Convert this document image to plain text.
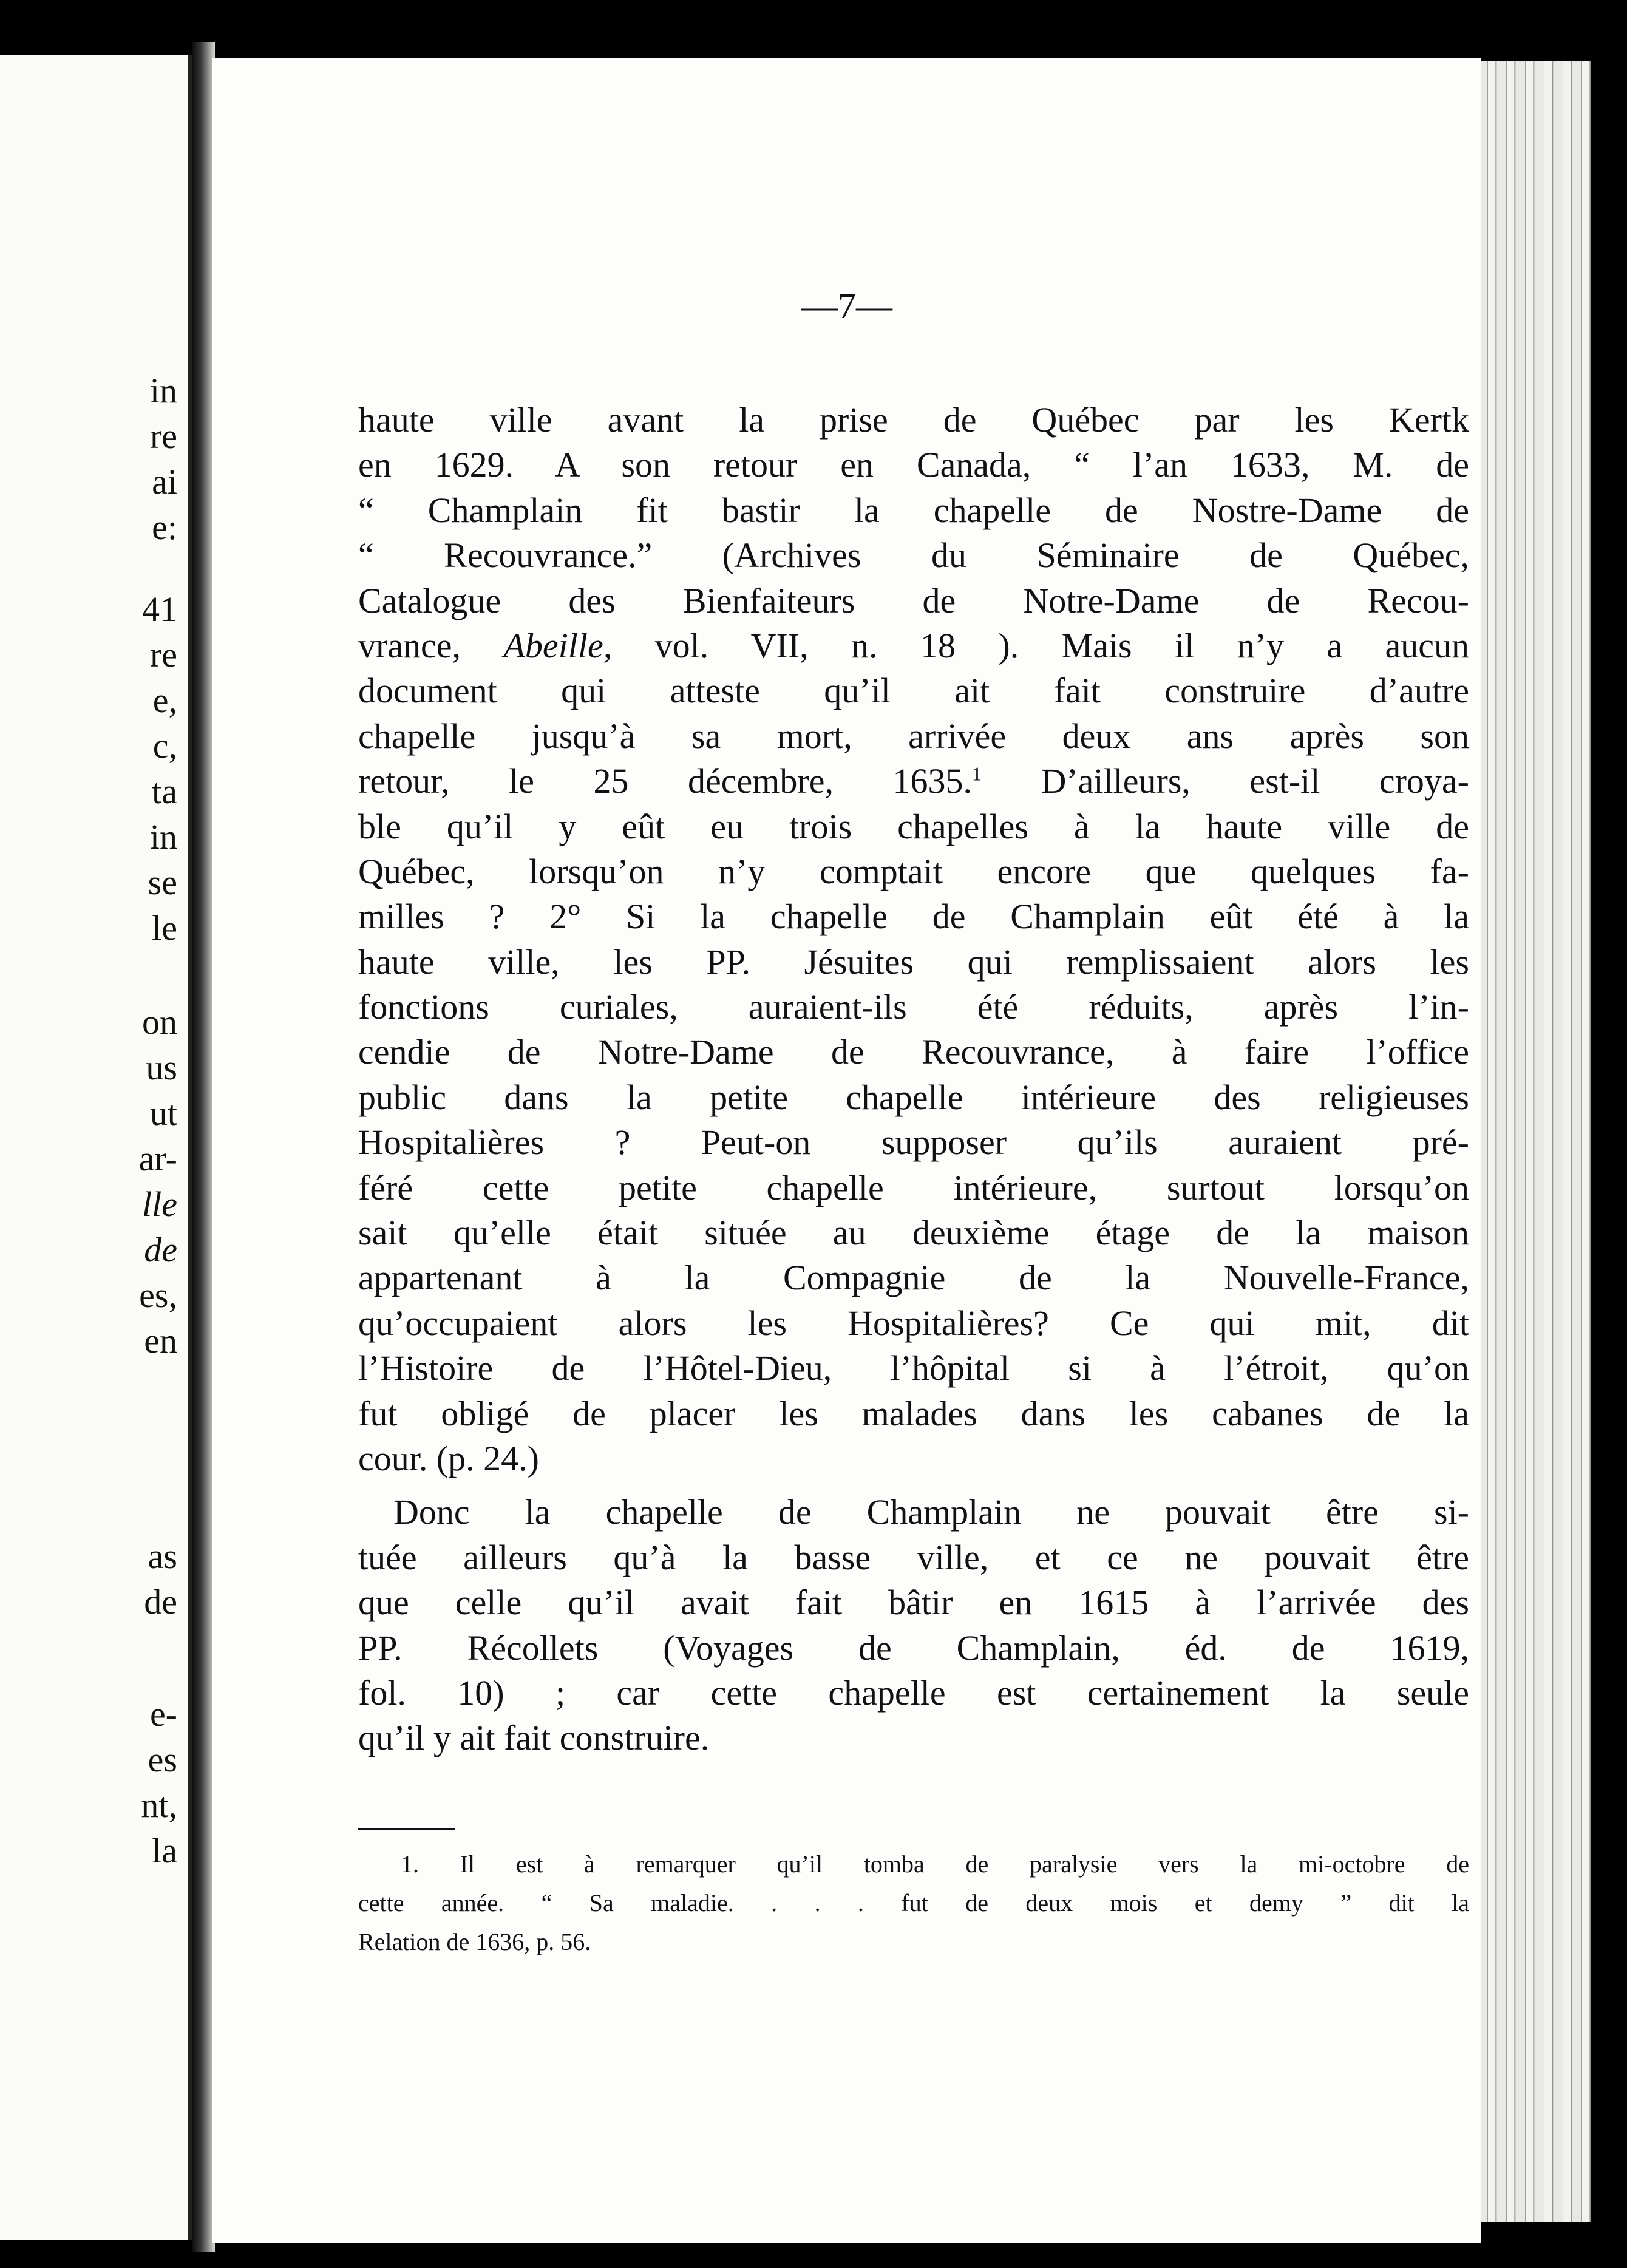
in
re
ai
e:
41
re
e,
c,
ta
in
se
le
on
us
ut
ar-
lle
de
es,
en
as
de
e-
es
nt,
la
—7—
haute ville avant la prise de Québec par les Kertk
en 1629. A son retour en Canada, “ l’an 1633, M. de
“ Champlain fit bastir la chapelle de Nostre-Dame de
“ Recouvrance.” (Archives du Séminaire de Québec,
Catalogue des Bienfaiteurs de Notre-Dame de Recou-
vrance, Abeille, vol. VII, n. 18 ). Mais il n’y a aucun
document qui atteste qu’il ait fait construire d’autre
chapelle jusqu’à sa mort, arrivée deux ans après son
retour, le 25 décembre, 1635.$^1$ D’ailleurs, est-il croya-
ble qu’il y eût eu trois chapelles à la haute ville de
Québec, lorsqu’on n’y comptait encore que quelques fa-
milles ? 2° Si la chapelle de Champlain eût été à la
haute ville, les PP. Jésuites qui remplissaient alors les
fonctions curiales, auraient-ils été réduits, après l’in-
cendie de Notre-Dame de Recouvrance, à faire l’office
public dans la petite chapelle intérieure des religieuses
Hospitalières ? Peut-on supposer qu’ils auraient pré-
féré cette petite chapelle intérieure, surtout lorsqu’on
sait qu’elle était située au deuxième étage de la maison
appartenant à la Compagnie de la Nouvelle-France,
qu’occupaient alors les Hospitalières? Ce qui mit, dit
l’Histoire de l’Hôtel-Dieu, l’hôpital si à l’étroit, qu’on
fut obligé de placer les malades dans les cabanes de la
cour. (p. 24.)
Donc la chapelle de Champlain ne pouvait être si-
tuée ailleurs qu’à la basse ville, et ce ne pouvait être
que celle qu’il avait fait bâtir en 1615 à l’arrivée des
PP. Récollets (Voyages de Champlain, éd. de 1619,
fol. 10) ; car cette chapelle est certainement la seule
qu’il y ait fait construire.
1. Il est à remarquer qu’il tomba de paralysie vers la mi-octobre de
cette année. “ Sa maladie. . . . fut de deux mois et demy ” dit la
Relation de 1636, p. 56.
